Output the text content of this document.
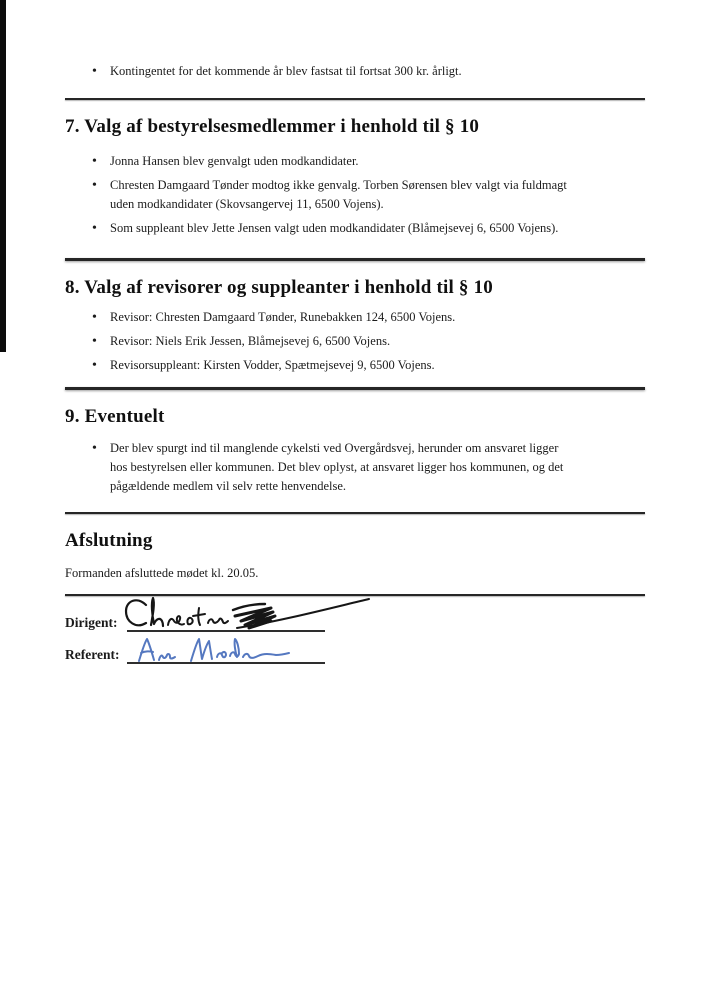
• Kontingentet for det kommende år blev fastsat til fortsat 300 kr. årligt.
7. Valg af bestyrelsesmedlemmer i henhold til § 10
• Jonna Hansen blev genvalgt uden modkandidater.
• Chresten Damgaard Tønder modtog ikke genvalg. Torben Sørensen blev valgt via fuldmagt
uden modkandidater (Skovsangervej 11, 6500 Vojens).
• Som suppleant blev Jette Jensen valgt uden modkandidater (Blåmejsevej 6, 6500 Vojens).
8. Valg af revisorer og suppleanter i henhold til § 10
• Revisor: Chresten Damgaard Tønder, Runebakken 124, 6500 Vojens.
• Revisor: Niels Erik Jessen, Blåmejsevej 6, 6500 Vojens.
• Revisorsuppleant: Kirsten Vodder, Spætmejsevej 9, 6500 Vojens.
9. Eventuelt
• Der blev spurgt ind til manglende cykelsti ved Overgårdsvej, herunder om ansvaret ligger
hos bestyrelsen eller kommunen. Det blev oplyst, at ansvaret ligger hos kommunen, og det
pågældende medlem vil selv rette henvendelse.
Afslutning

Formanden afsluttede mødet kl. 20.05.

Dirigent:
Referent:
